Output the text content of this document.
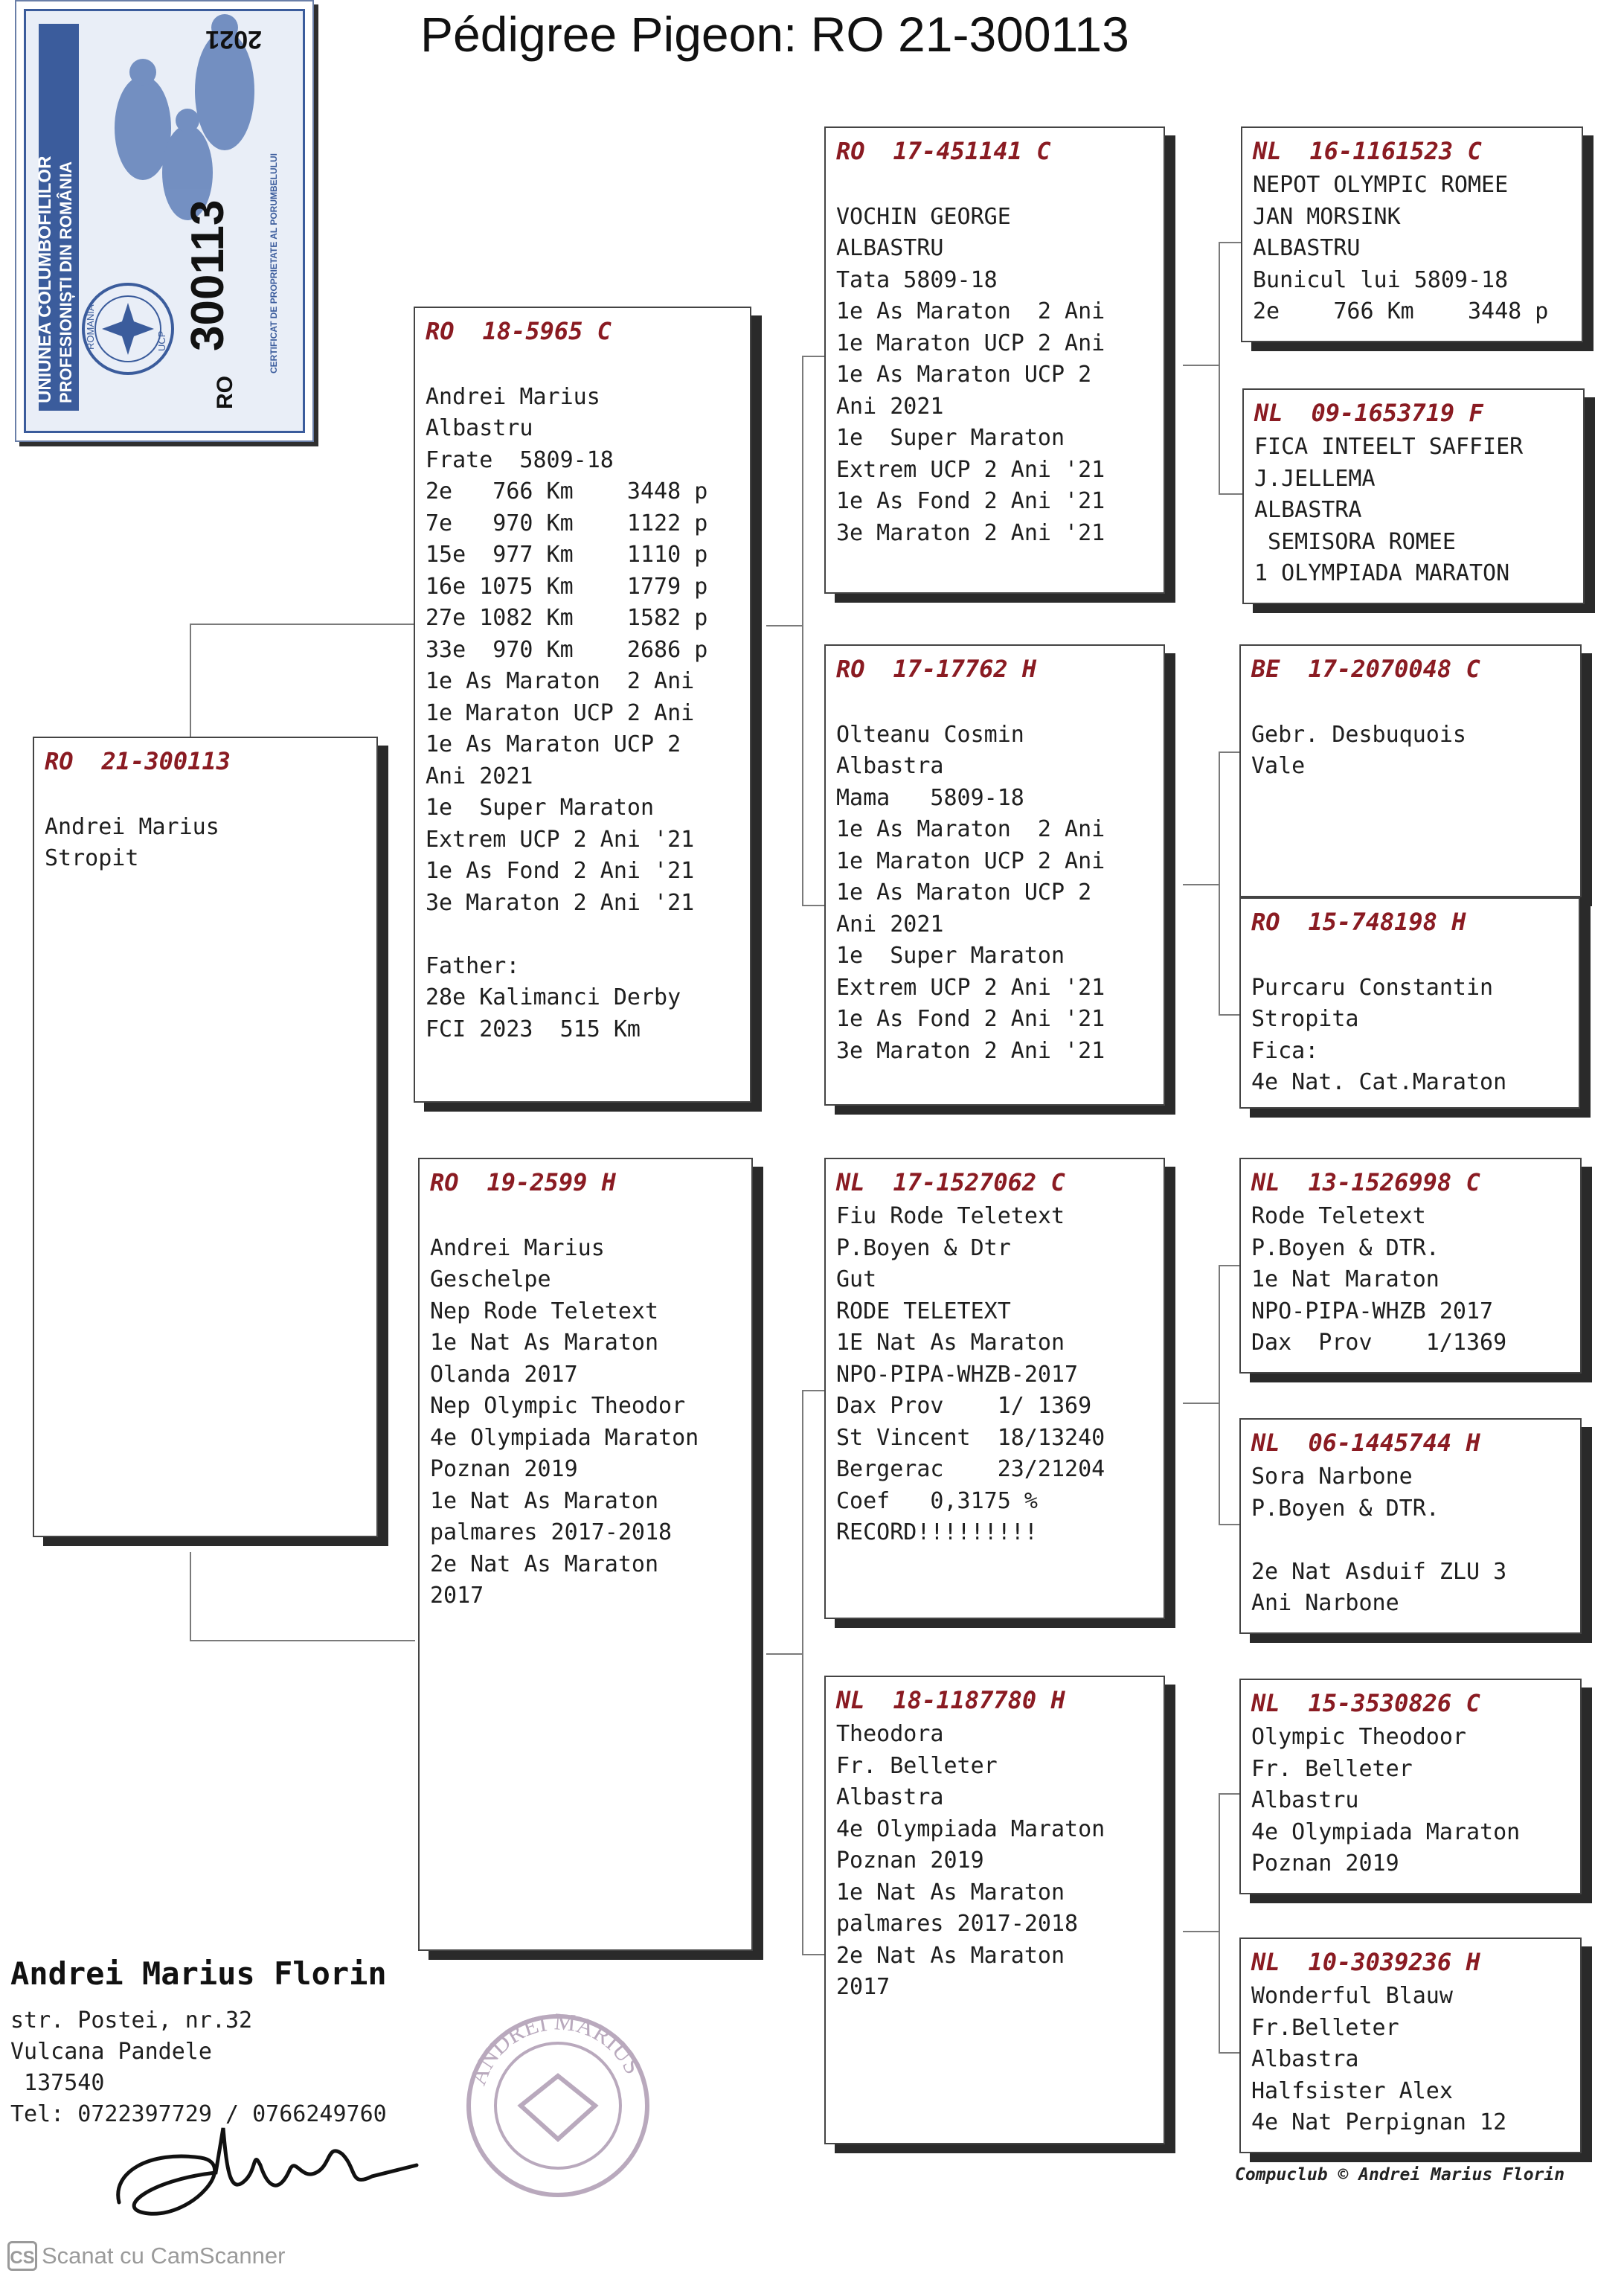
Pédigree Pigeon: RO 21-300113
UNIUNEA COLUMBOFILILOR PROFESIONIȘTI DIN ROMÂNIA ROMANIA	UCP 300113
RO
CERTIFICAT DE PROPRIETATE AL PORUMBELULUI
2021
RO 21-300113
Andrei Marius
Stropit
RO 18-5965 C
Andrei Marius
Albastru
Frate  5809-18
2e   766 Km    3448 p
7e   970 Km    1122 p
15e  977 Km    1110 p
16e 1075 Km    1779 p
27e 1082 Km    1582 p
33e  970 Km    2686 p
1e As Maraton  2 Ani
1e Maraton UCP 2 Ani
1e As Maraton UCP 2
Ani 2021
1e  Super Maraton
Extrem UCP 2 Ani '21
1e As Fond 2 Ani '21
3e Maraton 2 Ani '21
Father:
28e Kalimanci Derby
FCI 2023  515 Km
RO 19-2599 H
Andrei Marius
Geschelpe
Nep Rode Teletext
1e Nat As Maraton
Olanda 2017
Nep Olympic Theodor
4e Olympiada Maraton
Poznan 2019
1e Nat As Maraton
palmares 2017-2018
2e Nat As Maraton
2017
RO 17-451141 C
VOCHIN GEORGE
ALBASTRU
Tata 5809-18
1e As Maraton  2 Ani
1e Maraton UCP 2 Ani
1e As Maraton UCP 2
Ani 2021
1e  Super Maraton
Extrem UCP 2 Ani '21
1e As Fond 2 Ani '21
3e Maraton 2 Ani '21
RO 17-17762 H
Olteanu Cosmin
Albastra
Mama   5809-18
1e As Maraton  2 Ani
1e Maraton UCP 2 Ani
1e As Maraton UCP 2
Ani 2021
1e  Super Maraton
Extrem UCP 2 Ani '21
1e As Fond 2 Ani '21
3e Maraton 2 Ani '21
NL 17-1527062 C
Fiu Rode Teletext
P.Boyen & Dtr
Gut
RODE TELETEXT
1E Nat As Maraton
NPO-PIPA-WHZB-2017
Dax Prov    1/ 1369
St Vincent  18/13240
Bergerac    23/21204
Coef   0,3175 %
RECORD!!!!!!!!!
NL 18-1187780 H
Theodora
Fr. Belleter
Albastra
4e Olympiada Maraton
Poznan 2019
1e Nat As Maraton
palmares 2017-2018
2e Nat As Maraton
2017
NL 16-1161523 C
NEPOT OLYMPIC ROMEE
JAN MORSINK
ALBASTRU
Bunicul lui 5809-18
2e    766 Km    3448 p
NL 09-1653719 F
FICA INTEELT SAFFIER
J.JELLEMA
ALBASTRA
SEMISORA ROMEE
1 OLYMPIADA MARATON
BE 17-2070048 C
Gebr. Desbuquois
Vale
RO 15-748198 H
Purcaru Constantin
Stropita
Fica:
4e Nat. Cat.Maraton
NL 13-1526998 C
Rode Teletext
P.Boyen & DTR.
1e Nat Maraton
NPO-PIPA-WHZB 2017
Dax  Prov    1/1369
NL 06-1445744 H
Sora Narbone
P.Boyen & DTR.
2e Nat Asduif ZLU 3
Ani Narbone
NL 15-3530826 C
Olympic Theodoor
Fr. Belleter
Albastru
4e Olympiada Maraton
Poznan 2019
NL 10-3039236 H
Wonderful Blauw
Fr.Belleter
Albastra
Halfsister Alex
4e Nat Perpignan 12
Andrei Marius Florin
str. Postei, nr.32
Vulcana Pandele
137540
Tel: 0722397729 / 0766249760
ANDREI MARIUS
Compuclub © Andrei Marius Florin
CS Scanat cu CamScanner
